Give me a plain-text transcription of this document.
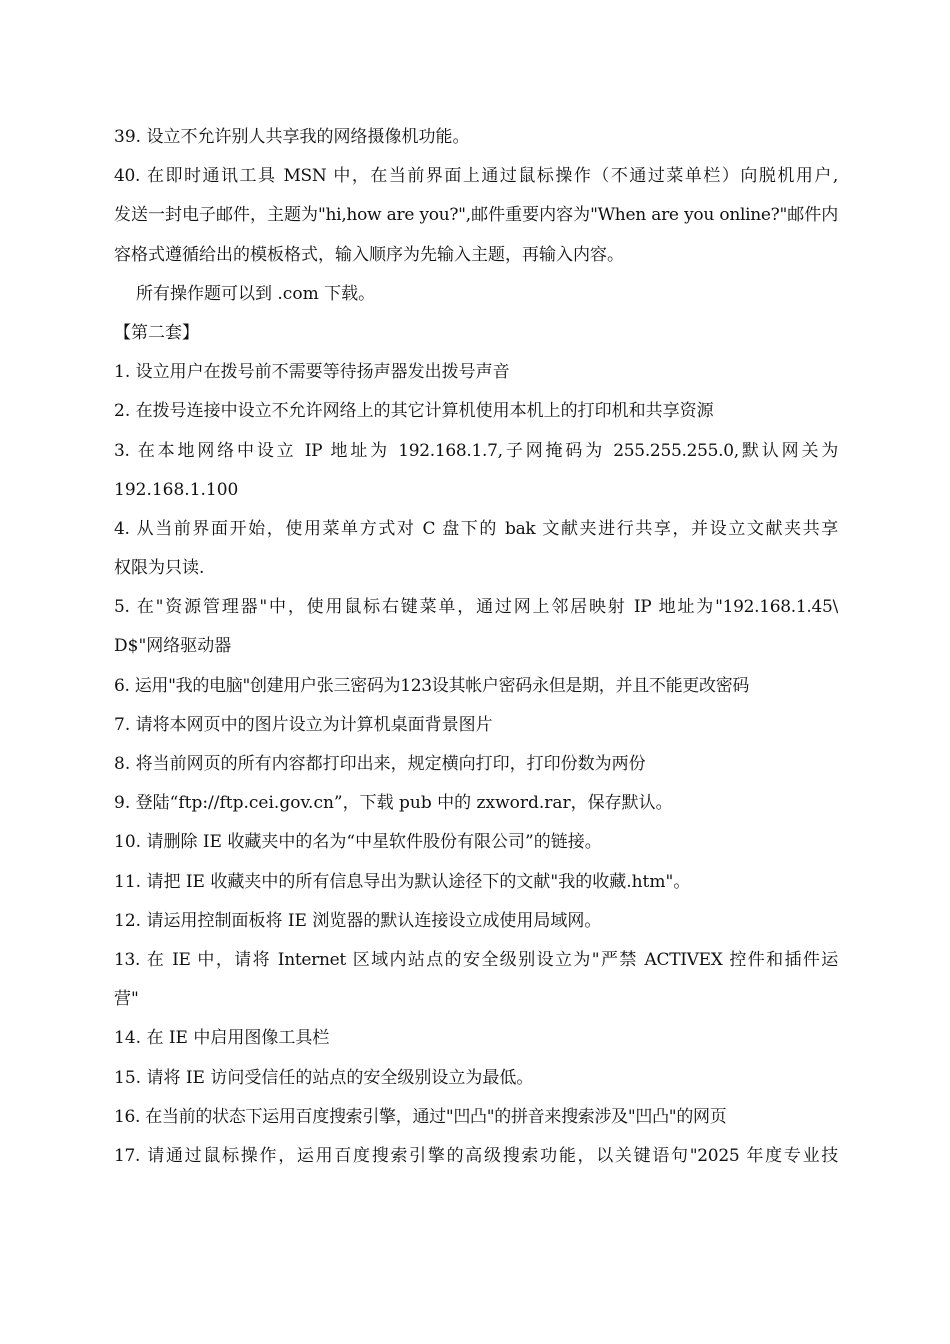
39. 设立不允许别人共享我的网络摄像机功能。
40. 在即时通讯工具 MSN 中，在当前界面上通过鼠标操作（不通过菜单栏）向脱机用户,
发送一封电子邮件，主题为"hi,how are you?",邮件重要内容为"When are you online?"邮件内
容格式遵循给出的模板格式，输入顺序为先输入主题，再输入内容。
所有操作题可以到 .com 下载。
【第二套】
1. 设立用户在拨号前不需要等待扬声器发出拨号声音
2. 在拨号连接中设立不允许网络上的其它计算机使用本机上的打印机和共享资源
3. 在本地网络中设立 IP 地址为 192.168.1.7,子网掩码为 255.255.255.0,默认网关为
192.168.1.100
4. 从当前界面开始，使用菜单方式对 C 盘下的 bak 文献夹进行共享，并设立文献夹共享
权限为只读.
5. 在"资源管理器"中，使用鼠标右键菜单，通过网上邻居映射 IP 地址为"192.168.1.45\
D$"网络驱动器
6. 运用"我的电脑"创建用户张三密码为123设其帐户密码永但是期，并且不能更改密码
7. 请将本网页中的图片设立为计算机桌面背景图片
8. 将当前网页的所有内容都打印出来，规定横向打印，打印份数为两份
9. 登陆“ftp://ftp.cei.gov.cn”，下载 pub 中的 zxword.rar，保存默认。
10. 请删除 IE 收藏夹中的名为“中星软件股份有限公司”的链接。
11. 请把 IE 收藏夹中的所有信息导出为默认途径下的文献"我的收藏.htm"。
12. 请运用控制面板将 IE 浏览器的默认连接设立成使用局域网。
13. 在 IE 中，请将 Internet 区域内站点的安全级别设立为"严禁 ACTIVEX 控件和插件运
营"
14. 在 IE 中启用图像工具栏
15. 请将 IE 访问受信任的站点的安全级别设立为最低。
16. 在当前的状态下运用百度搜索引擎，通过"凹凸"的拼音来搜索涉及"凹凸"的网页
17. 请通过鼠标操作，运用百度搜索引擎的高级搜索功能，以关键语句"2025 年度专业技
